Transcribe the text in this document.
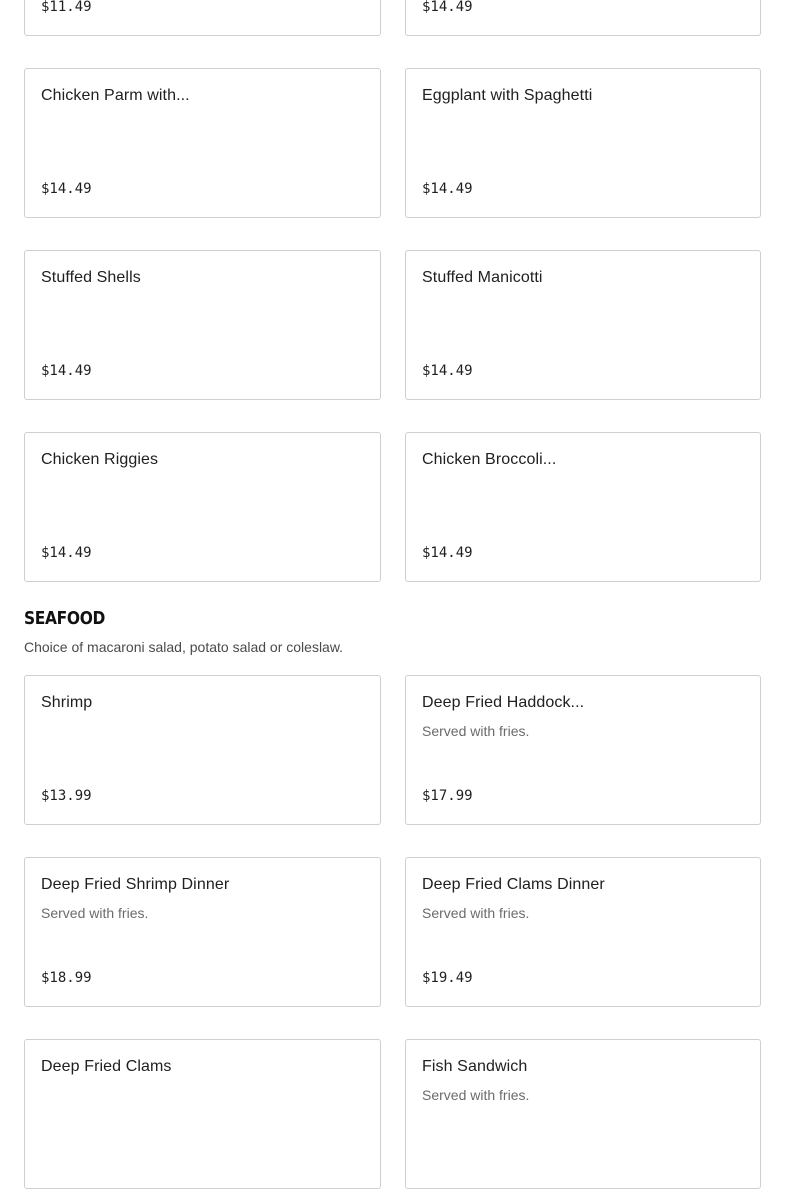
$11.49	$14.49
Chicken Parm with...
$14.49
Eggplant with Spaghetti
$14.49
Stuffed Shells
$14.49
Stuffed Manicotti
$14.49
Chicken Riggies
$14.49
Chicken Broccoli...
$14.49
SEAFOOD

Choice of macaroni salad, potato salad or coleslaw.

Shrimp
$13.99
Deep Fried Haddock...
Served with fries.
$17.99
Deep Fried Shrimp Dinner
Served with fries.
$18.99
Deep Fried Clams Dinner
Served with fries.
$19.49
Deep Fried Clams	Fish Sandwich
Served with fries.
